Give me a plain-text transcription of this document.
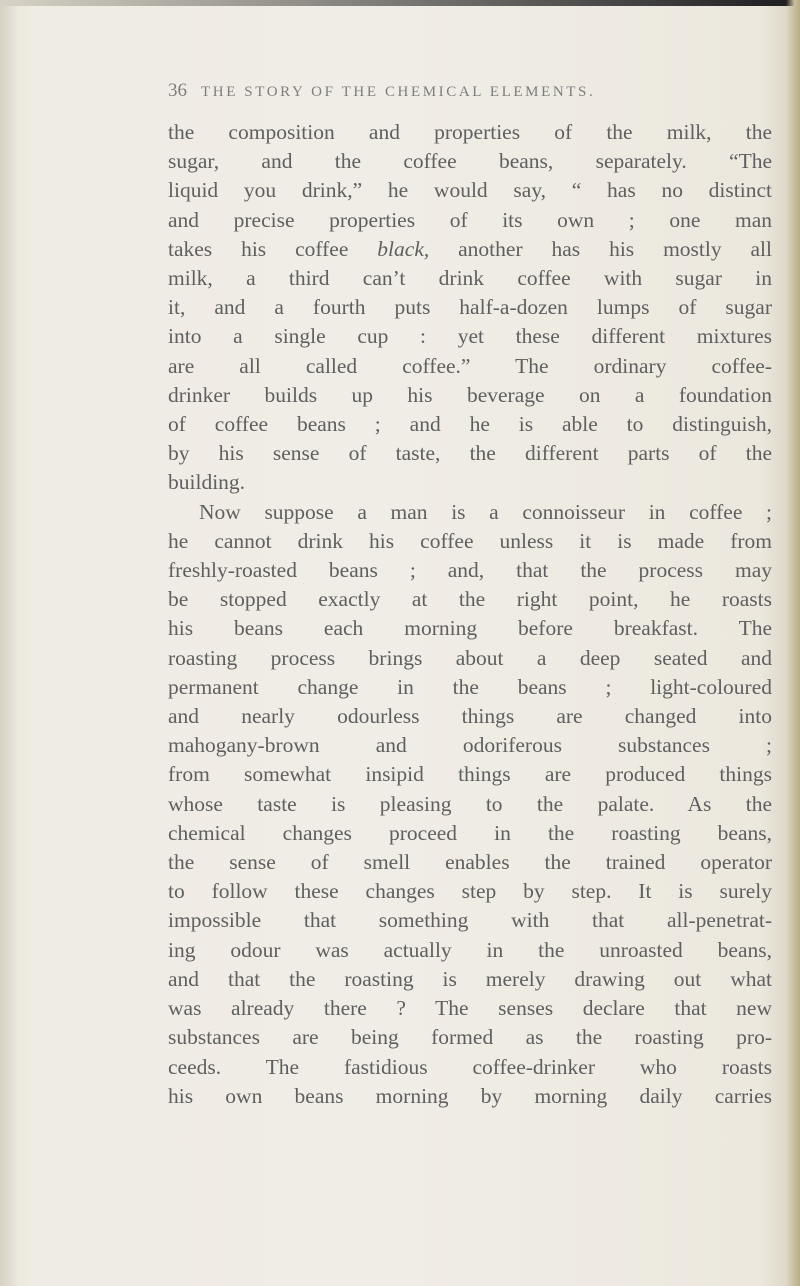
36 THE STORY OF THE CHEMICAL ELEMENTS.
the composition and properties of the milk, the
sugar, and the coffee beans, separately. “The
liquid you drink,” he would say, “ has no distinct
and precise properties of its own ; one man
takes his coffee black, another has his mostly all
milk, a third can’t drink coffee with sugar in
it, and a fourth puts half-a-dozen lumps of sugar
into a single cup : yet these different mixtures
are all called coffee.” The ordinary coffee-
drinker builds up his beverage on a foundation
of coffee beans ; and he is able to distinguish,
by his sense of taste, the different parts of the
building.
Now suppose a man is a connoisseur in coffee ;
he cannot drink his coffee unless it is made from
freshly-roasted beans ; and, that the process may
be stopped exactly at the right point, he roasts
his beans each morning before breakfast. The
roasting process brings about a deep seated and
permanent change in the beans ; light-coloured
and nearly odourless things are changed into
mahogany-brown and odoriferous substances ;
from somewhat insipid things are produced things
whose taste is pleasing to the palate. As the
chemical changes proceed in the roasting beans,
the sense of smell enables the trained operator
to follow these changes step by step. It is surely
impossible that something with that all-penetrat-
ing odour was actually in the unroasted beans,
and that the roasting is merely drawing out what
was already there ? The senses declare that new
substances are being formed as the roasting pro-
ceeds. The fastidious coffee-drinker who roasts
his own beans morning by morning daily carries
